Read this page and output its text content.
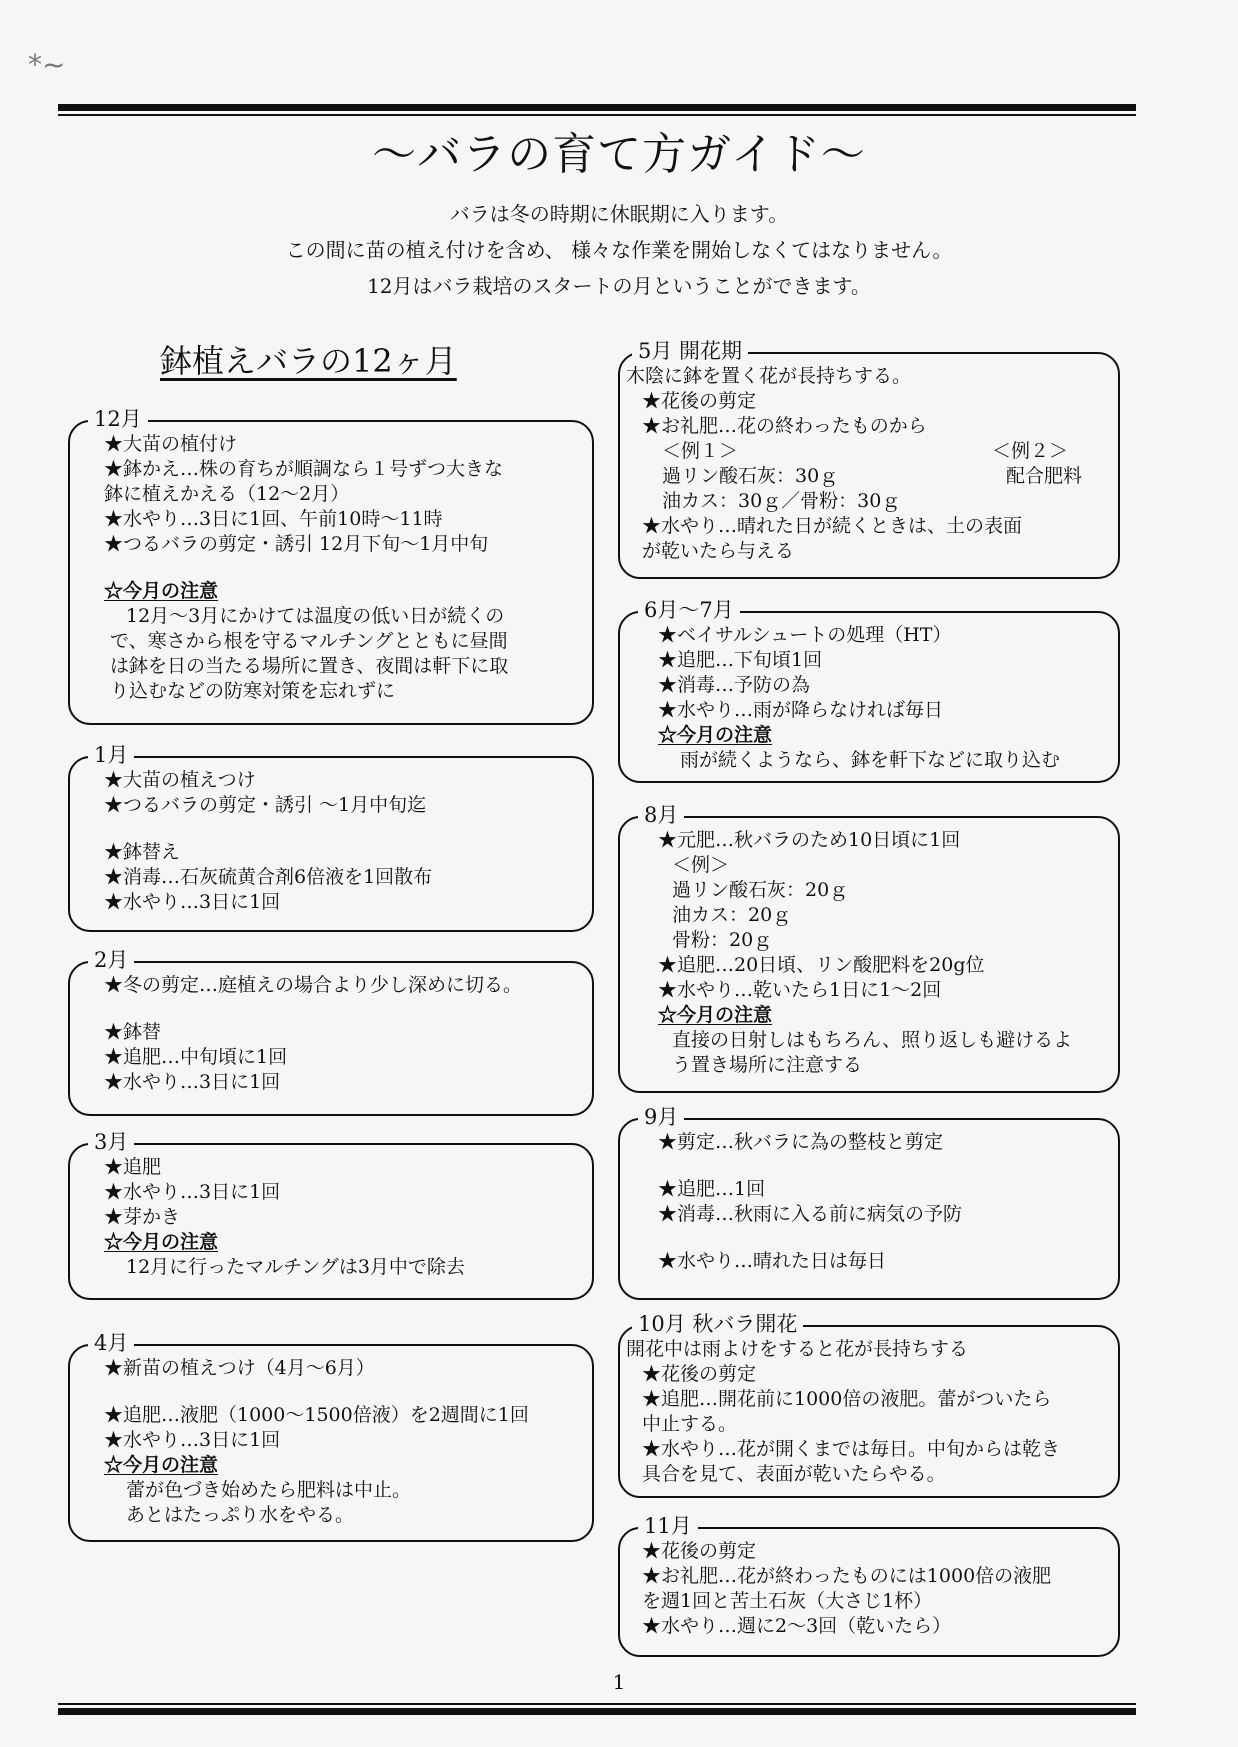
*~
～バラの育て方ガイド～
バラは冬の時期に休眠期に入ります。
この間に苗の植え付けを含め、 様々な作業を開始しなくてはなりません。
12月はバラ栽培のスタートの月ということができます。
鉢植えバラの12ヶ月
12月
★大苗の植付け
★鉢かえ…株の育ちが順調なら１号ずつ大きな
鉢に植えかえる（12～2月）
★水やり…3日に1回、午前10時～11時
★つるバラの剪定・誘引 12月下旬～1月中旬
☆今月の注意
12月～3月にかけては温度の低い日が続くの
で、寒さから根を守るマルチングとともに昼間
は鉢を日の当たる場所に置き、夜間は軒下に取
り込むなどの防寒対策を忘れずに
1月
★大苗の植えつけ
★つるバラの剪定・誘引 ～1月中旬迄
★鉢替え
★消毒…石灰硫黄合剤6倍液を1回散布
★水やり…3日に1回
2月
★冬の剪定…庭植えの場合より少し深めに切る。
★鉢替
★追肥…中旬頃に1回
★水やり…3日に1回
3月
★追肥
★水やり…3日に1回
★芽かき
☆今月の注意
12月に行ったマルチングは3月中で除去
4月
★新苗の植えつけ（4月～6月）
★追肥…液肥（1000～1500倍液）を2週間に1回
★水やり…3日に1回
☆今月の注意
蕾が色づき始めたら肥料は中止。
あとはたっぷり水をやる。
5月 開花期
木陰に鉢を置く花が長持ちする。
★花後の剪定
★お礼肥…花の終わったものから
＜例１＞	＜例２＞
過リン酸石灰：30ｇ	配合肥料
油カス：30ｇ／骨粉：30ｇ
★水やり…晴れた日が続くときは、土の表面
が乾いたら与える
6月～7月
★ベイサルシュートの処理（HT）
★追肥…下旬頃1回
★消毒…予防の為
★水やり…雨が降らなければ毎日
☆今月の注意
雨が続くようなら、鉢を軒下などに取り込む
8月
★元肥…秋バラのため10日頃に1回
＜例＞
過リン酸石灰：20ｇ
油カス：20ｇ
骨粉：20ｇ
★追肥…20日頃、リン酸肥料を20g位
★水やり…乾いたら1日に1～2回
☆今月の注意
直接の日射しはもちろん、照り返しも避けるよ
う置き場所に注意する
9月
★剪定…秋バラに為の整枝と剪定
★追肥…1回
★消毒…秋雨に入る前に病気の予防
★水やり…晴れた日は毎日
10月 秋バラ開花
開花中は雨よけをすると花が長持ちする
★花後の剪定
★追肥…開花前に1000倍の液肥。蕾がついたら
中止する。
★水やり…花が開くまでは毎日。中旬からは乾き
具合を見て、表面が乾いたらやる。
11月
★花後の剪定
★お礼肥…花が終わったものには1000倍の液肥
を週1回と苦土石灰（大さじ1杯）
★水やり…週に2～3回（乾いたら）
1
